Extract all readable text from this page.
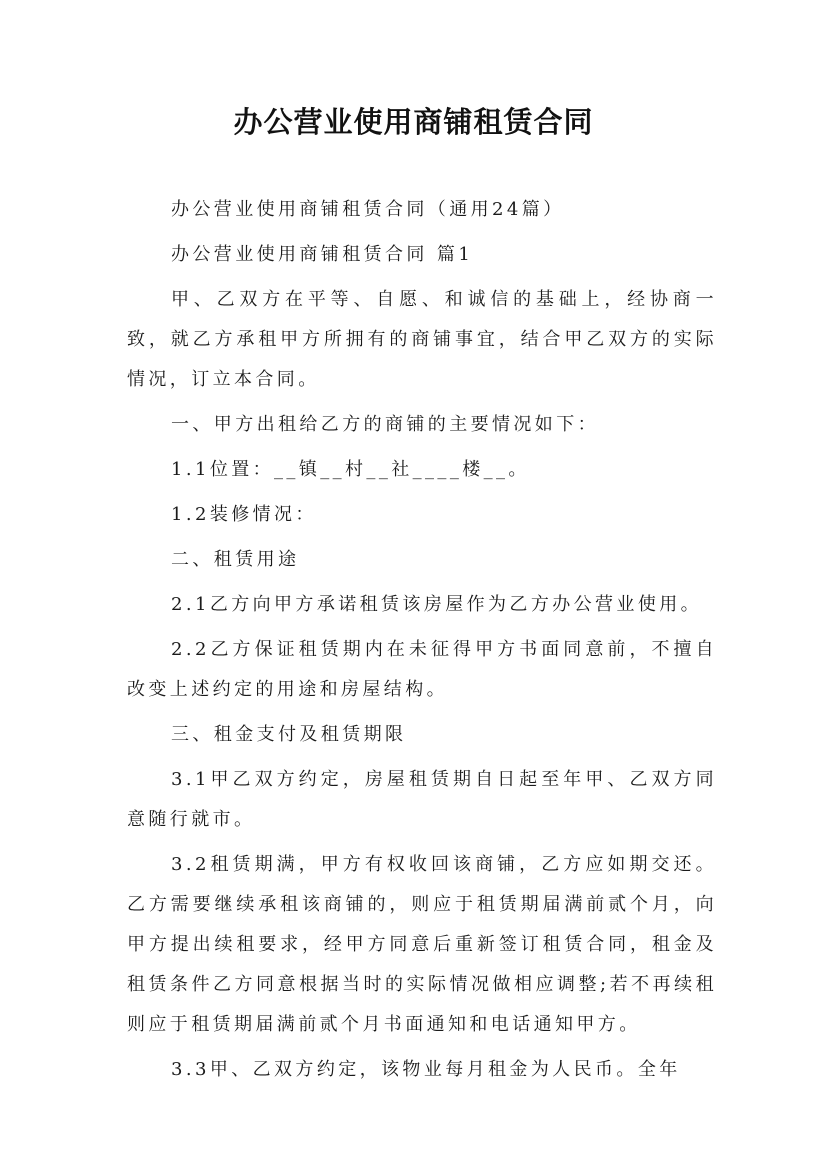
办公营业使用商铺租赁合同

办公营业使用商铺租赁合同（通用24篇）

办公营业使用商铺租赁合同 篇1

甲、乙双方在平等、自愿、和诚信的基础上，经协商一致，就乙方承租甲方所拥有的商铺事宜，结合甲乙双方的实际情况，订立本合同。

一、甲方出租给乙方的商铺的主要情况如下：

1.1位置：__镇__村__社____楼__。

1.2装修情况：

二、租赁用途

2.1乙方向甲方承诺租赁该房屋作为乙方办公营业使用。

2.2乙方保证租赁期内在未征得甲方书面同意前，不擅自改变上述约定的用途和房屋结构。

三、租金支付及租赁期限

3.1甲乙双方约定，房屋租赁期自日起至年甲、乙双方同意随行就市。

3.2租赁期满，甲方有权收回该商铺，乙方应如期交还。乙方需要继续承租该商铺的，则应于租赁期届满前贰个月，向甲方提出续租要求，经甲方同意后重新签订租赁合同，租金及租赁条件乙方同意根据当时的实际情况做相应调整;若不再续租则应于租赁期届满前贰个月书面通知和电话通知甲方。

3.3甲、乙双方约定，该物业每月租金为人民币。全年
